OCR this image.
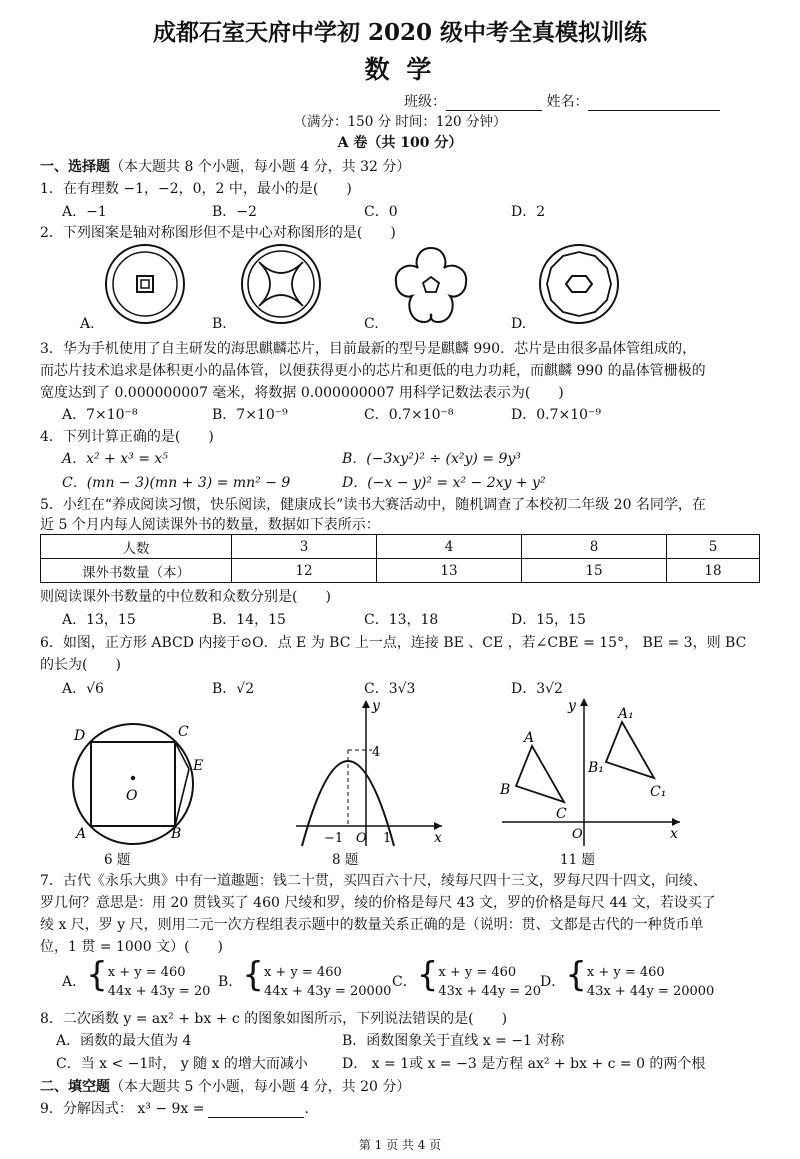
成都石室天府中学初 2020 级中考全真模拟训练
数 学
班级：	姓名：
（满分：150 分 时间：120 分钟）
A 卷（共 100 分）
一、选择题（本大题共 8 个小题，每小题 4 分，共 32 分）
1．在有理数 −1，−2，0，2 中，最小的是(　　)
A．−1	B．−2	C．0	D．2
2．下列图案是轴对称图形但不是中心对称图形的是(　　)
A.	B.	C.	D.
3．华为手机使用了自主研发的海思麒麟芯片，目前最新的型号是麒麟 990．芯片是由很多晶体管组成的，
而芯片技术追求是体积更小的晶体管，以便获得更小的芯片和更低的电力功耗，而麒麟 990 的晶体管栅极的
宽度达到了 0.000000007 毫米，将数据 0.000000007 用科学记数法表示为(　　)
A．7×10⁻⁸	B．7×10⁻⁹	C．0.7×10⁻⁸	D．0.7×10⁻⁹
4．下列计算正确的是(　　)
A．x² + x³ = x⁵	B．(−3xy²)² ÷ (x²y) = 9y³
C．(mn − 3)(mn + 3) = mn² − 9	D．(−x − y)² = x² − 2xy + y²
5．小红在“养成阅读习惯，快乐阅读，健康成长”读书大赛活动中，随机调查了本校初二年级 20 名同学，在
近 5 个月内每人阅读课外书的数量，数据如下表所示：
人数	3	4	8	5
课外书数量（本）	12	13	15	18
则阅读课外书数量的中位数和众数分别是(　　)
A．13，15	B．14，15	C．13，18	D．15，15
6．如图，正方形 ABCD 内接于⊙O．点 E 为 BC 上一点，连接 BE 、CE ，若∠CBE = 15°， BE = 3，则 BC
的长为(　　)
A．√6	B．√2	C．3√3	D．3√2
D	C
E
O
A	B
6 题
y
x
4
−1 O 1
8 题
y
x
O
A
B
C
A₁
B₁
C₁
11 题
7．古代《永乐大典》中有一道趣题：钱二十贯，买四百六十尺，绫每尺四十三文，罗每尺四十四文，问绫、
罗几何？意思是：用 20 贯钱买了 460 尺绫和罗，绫的价格是每尺 43 文，罗的价格是每尺 44 文，若设买了
绫 x 尺，罗 y 尺，则用二元一次方程组表示题中的数量关系正确的是（说明：贯、文都是古代的一种货币单
位，1 贯 = 1000 文）(　　)
A．{x + y = 460
44x + 43y = 20
B．{x + y = 460
44x + 43y = 20000
C．{x + y = 460
43x + 44y = 20
D．{x + y = 460
43x + 44y = 20000
8．二次函数 y = ax² + bx + c 的图象如图所示，下列说法错误的是(　　)
A．函数的最大值为 4	B．函数图象关于直线 x = −1 对称
C．当 x < −1时， y 随 x 的增大而减小 D． x = 1或 x = −3 是方程 ax² + bx + c = 0 的两个根
二、填空题（本大题共 5 个小题，每小题 4 分，共 20 分）
9．分解因式： x³ − 9x =	.
第 1 页 共 4 页
